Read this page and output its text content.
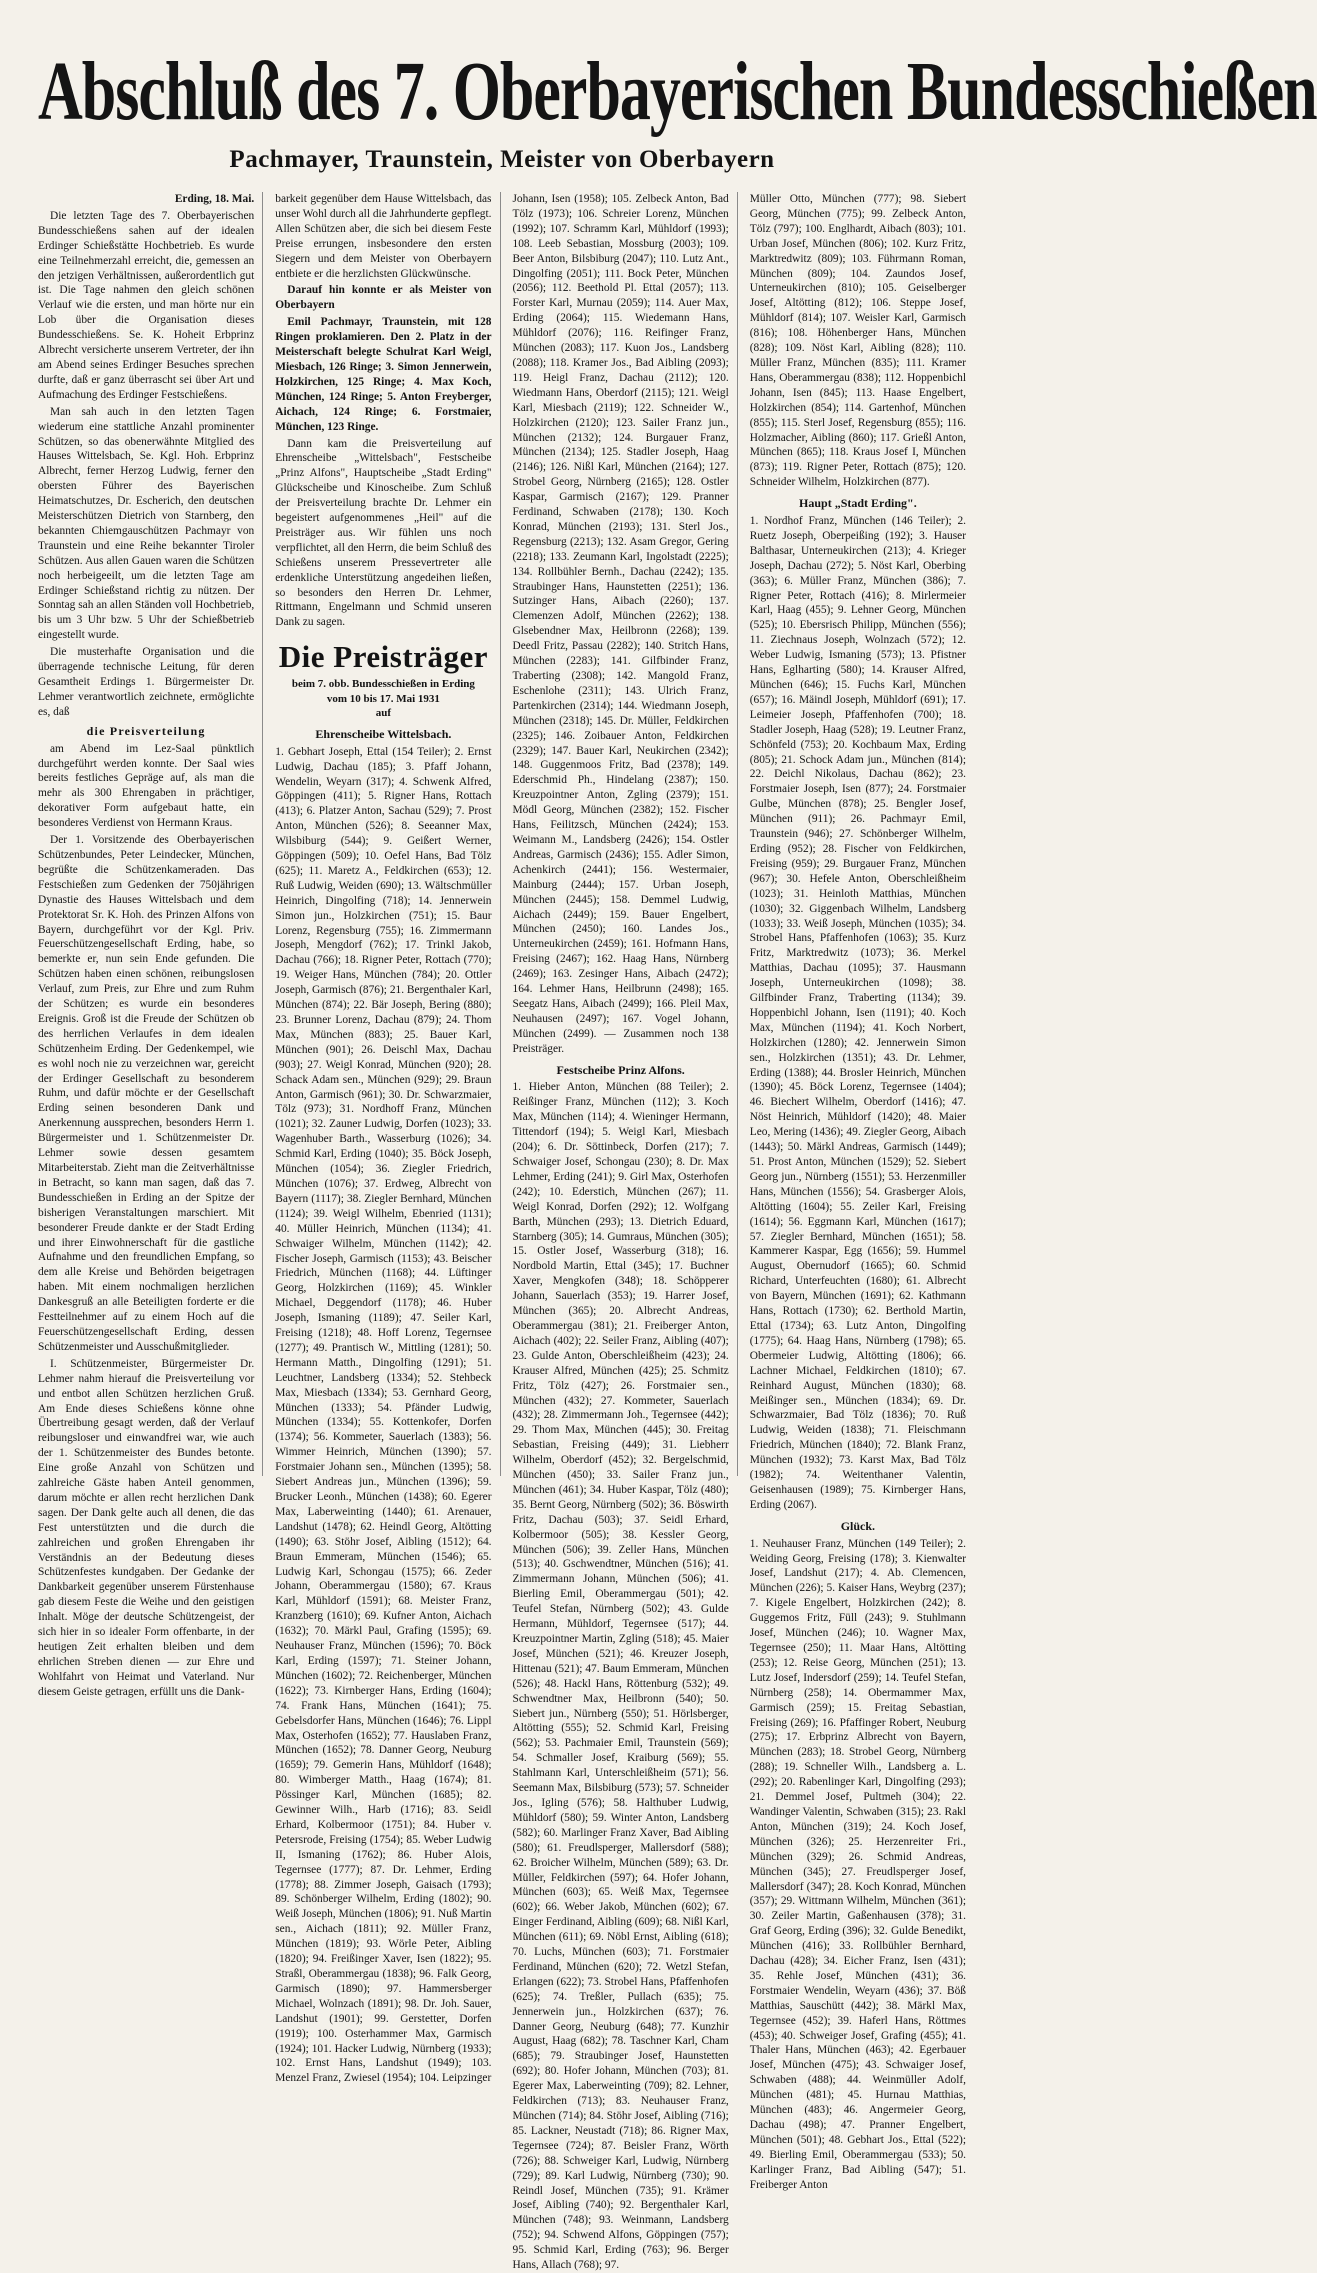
Abschluß des 7. Oberbayerischen Bundesschießen
Pachmayer, Traunstein, Meister von Oberbayern
Erding, 18. Mai.

Die letzten Tage des 7. Oberbayerischen Bundesschießens sahen auf der idealen Erdinger Schießstätte Hochbetrieb. Es wurde eine Teilnehmerzahl erreicht, die, gemessen an den jetzigen Verhältnissen, außerordentlich gut ist. Die Tage nahmen den gleich schönen Verlauf wie die ersten, und man hörte nur ein Lob über die Organisation dieses Bundesschießens. Se. K. Hoheit Erbprinz Albrecht versicherte unserem Vertreter, der ihn am Abend seines Erdinger Besuches sprechen durfte, daß er ganz überrascht sei über Art und Aufmachung des Erdinger Festschießens.

Man sah auch in den letzten Tagen wiederum eine stattliche Anzahl prominenter Schützen, so das obenerwähnte Mitglied des Hauses Wittelsbach, Se. Kgl. Hoh. Erbprinz Albrecht, ferner Herzog Ludwig, ferner den obersten Führer des Bayerischen Heimatschutzes, Dr. Escherich, den deutschen Meisterschützen Dietrich von Starnberg, den bekannten Chiemgauschützen Pachmayr von Traunstein und eine Reihe bekannter Tiroler Schützen. Aus allen Gauen waren die Schützen noch herbeigeeilt, um die letzten Tage am Erdinger Schießstand richtig zu nützen. Der Sonntag sah an allen Ständen voll Hochbetrieb, bis um 3 Uhr bzw. 5 Uhr der Schießbetrieb eingestellt wurde.

Die musterhafte Organisation und die überragende technische Leitung, für deren Gesamtheit Erdings 1. Bürgermeister Dr. Lehmer verantwortlich zeichnete, ermöglichte es, daß

die Preisverteilung

am Abend im Lez-Saal pünktlich durchgeführt werden konnte. Der Saal wies bereits festliches Gepräge auf, als man die mehr als 300 Ehrengaben in prächtiger, dekorativer Form aufgebaut hatte, ein besonderes Verdienst von Hermann Kraus.

Der 1. Vorsitzende des Oberbayerischen Schützenbundes, Peter Leindecker, München, begrüßte die Schützenkameraden. Das Festschießen zum Gedenken der 750jährigen Dynastie des Hauses Wittelsbach und dem Protektorat Sr. K. Hoh. des Prinzen Alfons von Bayern, durchgeführt vor der Kgl. Priv. Feuerschützengesellschaft Erding, habe, so bemerkte er, nun sein Ende gefunden. Die Schützen haben einen schönen, reibungslosen Verlauf, zum Preis, zur Ehre und zum Ruhm der Schützen; es wurde ein besonderes Ereignis. Groß ist die Freude der Schützen ob des herrlichen Verlaufes in dem idealen Schützenheim Erding. Der Gedenkempel, wie es wohl noch nie zu verzeichnen war, gereicht der Erdinger Gesellschaft zu besonderem Ruhm, und dafür möchte er der Gesellschaft Erding seinen besonderen Dank und Anerkennung aussprechen, besonders Herrn 1. Bürgermeister und 1. Schützenmeister Dr. Lehmer sowie dessen gesamtem Mitarbeiterstab. Zieht man die Zeitverhältnisse in Betracht, so kann man sagen, daß das 7. Bundesschießen in Erding an der Spitze der bisherigen Veranstaltungen marschiert. Mit besonderer Freude dankte er der Stadt Erding und ihrer Einwohnerschaft für die gastliche Aufnahme und den freundlichen Empfang, so dem alle Kreise und Behörden beigetragen haben. Mit einem nochmaligen herzlichen Dankesgruß an alle Beteiligten forderte er die Festteilnehmer auf zu einem Hoch auf die Feuerschützengesellschaft Erding, dessen Schützenmeister und Ausschußmitglieder.

I. Schützenmeister, Bürgermeister Dr. Lehmer nahm hierauf die Preisverteilung vor und entbot allen Schützen herzlichen Gruß. Am Ende dieses Schießens könne ohne Übertreibung gesagt werden, daß der Verlauf reibungsloser und einwandfrei war, wie auch der 1. Schützenmeister des Bundes betonte. Eine große Anzahl von Schützen und zahlreiche Gäste haben Anteil genommen, darum möchte er allen recht herzlichen Dank sagen. Der Dank gelte auch all denen, die das Fest unterstützten und die durch die zahlreichen und großen Ehrengaben ihr Verständnis an der Bedeutung dieses Schützenfestes kundgaben. Der Gedanke der Dankbarkeit gegenüber unserem Fürstenhause gab diesem Feste die Weihe und den geistigen Inhalt. Möge der deutsche Schützengeist, der sich hier in so idealer Form offenbarte, in der heutigen Zeit erhalten bleiben und dem ehrlichen Streben dienen — zur Ehre und Wohlfahrt von Heimat und Vaterland. Nur diesem Geiste getragen, erfüllt uns die Dank-

barkeit gegenüber dem Hause Wittelsbach, das unser Wohl durch all die Jahrhunderte gepflegt. Allen Schützen aber, die sich bei diesem Feste Preise errungen, insbesondere den ersten Siegern und dem Meister von Oberbayern entbiete er die herzlichsten Glückwünsche.

Darauf hin konnte er als Meister von Oberbayern

Emil Pachmayr, Traunstein, mit 128 Ringen proklamieren. Den 2. Platz in der Meisterschaft belegte Schulrat Karl Weigl, Miesbach, 126 Ringe; 3. Simon Jennerwein, Holzkirchen, 125 Ringe; 4. Max Koch, München, 124 Ringe; 5. Anton Freyberger, Aichach, 124 Ringe; 6. Forstmaier, München, 123 Ringe.

Dann kam die Preisverteilung auf Ehrenscheibe „Wittelsbach", Festscheibe „Prinz Alfons", Hauptscheibe „Stadt Erding" Glückscheibe und Kinoscheibe. Zum Schluß der Preisverteilung brachte Dr. Lehmer ein begeistert aufgenommenes „Heil" auf die Preisträger aus. Wir fühlen uns noch verpflichtet, all den Herrn, die beim Schluß des Schießens unserem Pressevertreter alle erdenkliche Unterstützung angedeihen ließen, so besonders den Herren Dr. Lehmer, Rittmann, Engelmann und Schmid unseren Dank zu sagen.

Die Preisträger
beim 7. obb. Bundesschießen in Erding
vom 10 bis 17. Mai 1931
auf
Ehrenscheibe Wittelsbach.

1. Gebhart Joseph, Ettal (154 Teiler); 2. Ernst Ludwig, Dachau (185); 3. Pfaff Johann, Wendelin, Weyarn (317); 4. Schwenk Alfred, Göppingen (411); 5. Rigner Hans, Rottach (413); 6. Platzer Anton, Sachau (529); 7. Prost Anton, München (526); 8. Seeanner Max, Wilsbiburg (544); 9. Geißert Werner, Göppingen (509); 10. Oefel Hans, Bad Tölz (625); 11. Maretz A., Feldkirchen (653); 12. Ruß Ludwig, Weiden (690); 13. Wältschmüller Heinrich, Dingolfing (718); 14. Jennerwein Simon jun., Holzkirchen (751); 15. Baur Lorenz, Regensburg (755); 16. Zimmermann Joseph, Mengdorf (762); 17. Trinkl Jakob, Dachau (766); 18. Rigner Peter, Rottach (770); 19. Weiger Hans, München (784); 20. Ottler Joseph, Garmisch (876); 21. Bergenthaler Karl, München (874); 22. Bär Joseph, Bering (880); 23. Brunner Lorenz, Dachau (879); 24. Thom Max, München (883); 25. Bauer Karl, München (901); 26. Deischl Max, Dachau (903); 27. Weigl Konrad, München (920); 28. Schack Adam sen., München (929); 29. Braun Anton, Garmisch (961); 30. Dr. Schwarzmaier, Tölz (973); 31. Nordhoff Franz, München (1021); 32. Zauner Ludwig, Dorfen (1023); 33. Wagenhuber Barth., Wasserburg (1026); 34. Schmid Karl, Erding (1040); 35. Böck Joseph, München (1054); 36. Ziegler Friedrich, München (1076); 37. Erdweg, Albrecht von Bayern (1117); 38. Ziegler Bernhard, München (1124); 39. Weigl Wilhelm, Ebenried (1131); 40. Müller Heinrich, München (1134); 41. Schwaiger Wilhelm, München (1142); 42. Fischer Joseph, Garmisch (1153); 43. Beischer Friedrich, München (1168); 44. Lüftinger Georg, Holzkirchen (1169); 45. Winkler Michael, Deggendorf (1178); 46. Huber Joseph, Ismaning (1189); 47. Seiler Karl, Freising (1218); 48. Hoff Lorenz, Tegernsee (1277); 49. Prantisch W., Mittling (1281); 50. Hermann Matth., Dingolfing (1291); 51. Leuchtner, Landsberg (1334); 52. Stehbeck Max, Miesbach (1334); 53. Gernhard Georg, München (1333); 54. Pfänder Ludwig, München (1334); 55. Kottenkofer, Dorfen (1374); 56. Kommeter, Sauerlach (1383); 56. Wimmer Heinrich, München (1390); 57. Forstmaier Johann sen., München (1395); 58. Siebert Andreas jun., München (1396); 59. Brucker Leonh., München (1438); 60. Egerer Max, Laberweinting (1440); 61. Arenauer, Landshut (1478); 62. Heindl Georg, Altötting (1490); 63. Stöhr Josef, Aibling (1512); 64. Braun Emmeram, München (1546); 65. Ludwig Karl, Schongau (1575); 66. Zeder Johann, Oberammergau (1580); 67. Kraus Karl, Mühldorf (1591); 68. Meister Franz, Kranzberg (1610); 69. Kufner Anton, Aichach (1632); 70. Märkl Paul, Grafing (1595); 69. Neuhauser Franz, München (1596); 70. Böck Karl, Erding (1597); 71. Steiner Johann, München (1602); 72. Reichenberger, München (1622); 73. Kirnberger Hans, Erding (1604); 74. Frank Hans, München (1641); 75. Gebelsdorfer Hans, München (1646); 76. Lippl Max, Osterhofen (1652); 77. Hauslaben Franz, München (1652); 78. Danner Georg, Neuburg (1659); 79. Gemerin Hans, Mühldorf (1648); 80. Wimberger Matth., Haag (1674); 81. Pössinger Karl, München (1685); 82. Gewinner Wilh., Harb (1716); 83. Seidl Erhard, Kolbermoor (1751); 84. Huber v. Petersrode, Freising (1754); 85. Weber Ludwig II, Ismaning (1762); 86. Huber Alois, Tegernsee (1777); 87. Dr. Lehmer, Erding (1778); 88. Zimmer Joseph, Gaisach (1793); 89. Schönberger Wilhelm, Erding (1802); 90. Weiß Joseph, München (1806); 91. Nuß Martin sen., Aichach (1811); 92. Müller Franz, München (1819); 93. Wörle Peter, Aibling (1820); 94. Freißinger Xaver, Isen (1822); 95. Straßl, Oberammergau (1838); 96. Falk Georg, Garmisch (1890); 97. Hammersberger Michael, Wolnzach (1891); 98. Dr. Joh. Sauer, Landshut (1901); 99. Gerstetter, Dorfen (1919); 100. Osterhammer Max, Garmisch (1924); 101. Hacker Ludwig, Nürnberg (1933); 102. Ernst Hans, Landshut (1949); 103. Menzel Franz, Zwiesel (1954); 104. Leipzinger

Johann, Isen (1958); 105. Zelbeck Anton, Bad Tölz (1973); 106. Schreier Lorenz, München (1992); 107. Schramm Karl, Mühldorf (1993); 108. Leeb Sebastian, Mossburg (2003); 109. Beer Anton, Bilsbiburg (2047); 110. Lutz Ant., Dingolfing (2051); 111. Bock Peter, München (2056); 112. Beethold Pl. Ettal (2057); 113. Forster Karl, Murnau (2059); 114. Auer Max, Erding (2064); 115. Wiedemann Hans, Mühldorf (2076); 116. Reifinger Franz, München (2083); 117. Kuon Jos., Landsberg (2088); 118. Kramer Jos., Bad Aibling (2093); 119. Heigl Franz, Dachau (2112); 120. Wiedmann Hans, Oberdorf (2115); 121. Weigl Karl, Miesbach (2119); 122. Schneider W., Holzkirchen (2120); 123. Sailer Franz jun., München (2132); 124. Burgauer Franz, München (2134); 125. Stadler Joseph, Haag (2146); 126. Nißl Karl, München (2164); 127. Strobel Georg, Nürnberg (2165); 128. Ostler Kaspar, Garmisch (2167); 129. Pranner Ferdinand, Schwaben (2178); 130. Koch Konrad, München (2193); 131. Sterl Jos., Regensburg (2213); 132. Asam Gregor, Gering (2218); 133. Zeumann Karl, Ingolstadt (2225); 134. Rollbühler Bernh., Dachau (2242); 135. Straubinger Hans, Haunstetten (2251); 136. Sutzinger Hans, Aibach (2260); 137. Clemenzen Adolf, München (2262); 138. Glsebendner Max, Heilbronn (2268); 139. Deedl Fritz, Passau (2282); 140. Stritch Hans, München (2283); 141. Gilfbinder Franz, Traberting (2308); 142. Mangold Franz, Eschenlohe (2311); 143. Ulrich Franz, Partenkirchen (2314); 144. Wiedmann Joseph, München (2318); 145. Dr. Müller, Feldkirchen (2325); 146. Zoibauer Anton, Feldkirchen (2329); 147. Bauer Karl, Neukirchen (2342); 148. Guggenmoos Fritz, Bad (2378); 149. Ederschmid Ph., Hindelang (2387); 150. Kreuzpointner Anton, Zgling (2379); 151. Mödl Georg, München (2382); 152. Fischer Hans, Feilitzsch, München (2424); 153. Weimann M., Landsberg (2426); 154. Ostler Andreas, Garmisch (2436); 155. Adler Simon, Achenkirch (2441); 156. Westermaier, Mainburg (2444); 157. Urban Joseph, München (2445); 158. Demmel Ludwig, Aichach (2449); 159. Bauer Engelbert, München (2450); 160. Landes Jos., Unterneukirchen (2459); 161. Hofmann Hans, Freising (2467); 162. Haag Hans, Nürnberg (2469); 163. Zesinger Hans, Aibach (2472); 164. Lehmer Hans, Heilbrunn (2498); 165. Seegatz Hans, Aibach (2499); 166. Pleil Max, Neuhausen (2497); 167. Vogel Johann, München (2499). — Zusammen noch 138 Preisträger.

Festscheibe Prinz Alfons.

1. Hieber Anton, München (88 Teiler); 2. Reißinger Franz, München (112); 3. Koch Max, München (114); 4. Wieninger Hermann, Tittendorf (194); 5. Weigl Karl, Miesbach (204); 6. Dr. Söttinbeck, Dorfen (217); 7. Schwaiger Josef, Schongau (230); 8. Dr. Max Lehmer, Erding (241); 9. Girl Max, Osterhofen (242); 10. Ederstich, München (267); 11. Weigl Konrad, Dorfen (292); 12. Wolfgang Barth, München (293); 13. Dietrich Eduard, Starnberg (305); 14. Gumraus, München (305); 15. Ostler Josef, Wasserburg (318); 16. Nordbold Martin, Ettal (345); 17. Buchner Xaver, Mengkofen (348); 18. Schöpperer Johann, Sauerlach (353); 19. Harrer Josef, München (365); 20. Albrecht Andreas, Oberammergau (381); 21. Freiberger Anton, Aichach (402); 22. Seiler Franz, Aibling (407); 23. Gulde Anton, Oberschleißheim (423); 24. Krauser Alfred, München (425); 25. Schmitz Fritz, Tölz (427); 26. Forstmaier sen., München (432); 27. Kommeter, Sauerlach (432); 28. Zimmermann Joh., Tegernsee (442); 29. Thom Max, München (445); 30. Freitag Sebastian, Freising (449); 31. Liebherr Wilhelm, Oberdorf (452); 32. Bergelschmid, München (450); 33. Sailer Franz jun., München (461); 34. Huber Kaspar, Tölz (480); 35. Bernt Georg, Nürnberg (502); 36. Böswirth Fritz, Dachau (503); 37. Seidl Erhard, Kolbermoor (505); 38. Kessler Georg, München (506); 39. Zeller Hans, München (513); 40. Gschwendtner, München (516); 41. Zimmermann Johann, München (506); 41. Bierling Emil, Oberammergau (501); 42. Teufel Stefan, Nürnberg (502); 43. Gulde Hermann, Mühldorf, Tegernsee (517); 44. Kreuzpointner Martin, Zgling (518); 45. Maier Josef, München (521); 46. Kreuzer Joseph, Hittenau (521); 47. Baum Emmeram, München (526); 48. Hackl Hans, Röttenburg (532); 49. Schwendtner Max, Heilbronn (540); 50. Siebert jun., Nürnberg (550); 51. Hörlsberger, Altötting (555); 52. Schmid Karl, Freising (562); 53. Pachmaier Emil, Traunstein (569); 54. Schmaller Josef, Kraiburg (569); 55. Stahlmann Karl, Unterschleißheim (571); 56. Seemann Max, Bilsbiburg (573); 57. Schneider Jos., Igling (576); 58. Halthuber Ludwig, Mühldorf (580); 59. Winter Anton, Landsberg (582); 60. Marlinger Franz Xaver, Bad Aibling (580); 61. Freudlsperger, Mallersdorf (588); 62. Broicher Wilhelm, München (589); 63. Dr. Müller, Feldkirchen (597); 64. Hofer Johann, München (603); 65. Weiß Max, Tegernsee (602); 66. Weber Jakob, München (602); 67. Einger Ferdinand, Aibling (609); 68. Nißl Karl, München (611); 69. Nöbl Ernst, Aibling (618); 70. Luchs, München (603); 71. Forstmaier Ferdinand, München (620); 72. Wetzl Stefan, Erlangen (622); 73. Strobel Hans, Pfaffenhofen (625); 74. Treßler, Pullach (635); 75. Jennerwein jun., Holzkirchen (637); 76. Danner Georg, Neuburg (648); 77. Kunzhir August, Haag (682); 78. Taschner Karl, Cham (685); 79. Straubinger Josef, Haunstetten (692); 80. Hofer Johann, München (703); 81. Egerer Max, Laberweinting (709); 82. Lehner, Feldkirchen (713); 83. Neuhauser Franz, München (714); 84. Stöhr Josef, Aibling (716); 85. Lackner, Neustadt (718); 86. Rigner Max, Tegernsee (724); 87. Beisler Franz, Wörth (726); 88. Schweiger Karl, Ludwig, Nürnberg (729); 89. Karl Ludwig, Nürnberg (730); 90. Reindl Josef, München (735); 91. Krämer Josef, Aibling (740); 92. Bergenthaler Karl, München (748); 93. Weinmann, Landsberg (752); 94. Schwend Alfons, Göppingen (757); 95. Schmid Karl, Erding (763); 96. Berger Hans, Allach (768); 97.

Müller Otto, München (777); 98. Siebert Georg, München (775); 99. Zelbeck Anton, Tölz (797); 100. Englhardt, Aibach (803); 101. Urban Josef, München (806); 102. Kurz Fritz, Marktredwitz (809); 103. Führmann Roman, München (809); 104. Zaundos Josef, Unterneukirchen (810); 105. Geiselberger Josef, Altötting (812); 106. Steppe Josef, Mühldorf (814); 107. Weisler Karl, Garmisch (816); 108. Höhenberger Hans, München (828); 109. Nöst Karl, Aibling (828); 110. Müller Franz, München (835); 111. Kramer Hans, Oberammergau (838); 112. Hoppenbichl Johann, Isen (845); 113. Haase Engelbert, Holzkirchen (854); 114. Gartenhof, München (855); 115. Sterl Josef, Regensburg (855); 116. Holzmacher, Aibling (860); 117. Grießl Anton, München (865); 118. Kraus Josef I, München (873); 119. Rigner Peter, Rottach (875); 120. Schneider Wilhelm, Holzkirchen (877).

Haupt „Stadt Erding".

1. Nordhof Franz, München (146 Teiler); 2. Ruetz Joseph, Oberpeißing (192); 3. Hauser Balthasar, Unterneukirchen (213); 4. Krieger Joseph, Dachau (272); 5. Nöst Karl, Oberbing (363); 6. Müller Franz, München (386); 7. Rigner Peter, Rottach (416); 8. Mirlermeier Karl, Haag (455); 9. Lehner Georg, München (525); 10. Ebersrisch Philipp, München (556); 11. Ziechnaus Joseph, Wolnzach (572); 12. Weber Ludwig, Ismaning (573); 13. Pfistner Hans, Eglharting (580); 14. Krauser Alfred, München (646); 15. Fuchs Karl, München (657); 16. Mäindl Joseph, Mühldorf (691); 17. Leimeier Joseph, Pfaffenhofen (700); 18. Stadler Joseph, Haag (528); 19. Leutner Franz, Schönfeld (753); 20. Kochbaum Max, Erding (805); 21. Schock Adam jun., München (814); 22. Deichl Nikolaus, Dachau (862); 23. Forstmaier Joseph, Isen (877); 24. Forstmaier Gulbe, München (878); 25. Bengler Josef, München (911); 26. Pachmayr Emil, Traunstein (946); 27. Schönberger Wilhelm, Erding (952); 28. Fischer von Feldkirchen, Freising (959); 29. Burgauer Franz, München (967); 30. Hefele Anton, Oberschleißheim (1023); 31. Heinloth Matthias, München (1030); 32. Giggenbach Wilhelm, Landsberg (1033); 33. Weiß Joseph, München (1035); 34. Strobel Hans, Pfaffenhofen (1063); 35. Kurz Fritz, Marktredwitz (1073); 36. Merkel Matthias, Dachau (1095); 37. Hausmann Joseph, Unterneukirchen (1098); 38. Gilfbinder Franz, Traberting (1134); 39. Hoppenbichl Johann, Isen (1191); 40. Koch Max, München (1194); 41. Koch Norbert, Holzkirchen (1280); 42. Jennerwein Simon sen., Holzkirchen (1351); 43. Dr. Lehmer, Erding (1388); 44. Brosler Heinrich, München (1390); 45. Böck Lorenz, Tegernsee (1404); 46. Biechert Wilhelm, Oberdorf (1416); 47. Nöst Heinrich, Mühldorf (1420); 48. Maier Leo, Mering (1436); 49. Ziegler Georg, Aibach (1443); 50. Märkl Andreas, Garmisch (1449); 51. Prost Anton, München (1529); 52. Siebert Georg jun., Nürnberg (1551); 53. Herzenmiller Hans, München (1556); 54. Grasberger Alois, Altötting (1604); 55. Zeiler Karl, Freising (1614); 56. Eggmann Karl, München (1617); 57. Ziegler Bernhard, München (1651); 58. Kammerer Kaspar, Egg (1656); 59. Hummel August, Obernudorf (1665); 60. Schmid Richard, Unterfeuchten (1680); 61. Albrecht von Bayern, München (1691); 62. Kathmann Hans, Rottach (1730); 62. Berthold Martin, Ettal (1734); 63. Lutz Anton, Dingolfing (1775); 64. Haag Hans, Nürnberg (1798); 65. Obermeier Ludwig, Altötting (1806); 66. Lachner Michael, Feldkirchen (1810); 67. Reinhard August, München (1830); 68. Meißinger sen., München (1834); 69. Dr. Schwarzmaier, Bad Tölz (1836); 70. Ruß Ludwig, Weiden (1838); 71. Fleischmann Friedrich, München (1840); 72. Blank Franz, München (1932); 73. Karst Max, Bad Tölz (1982); 74. Weitenthaner Valentin, Geisenhausen (1989); 75. Kirnberger Hans, Erding (2067).

Glück.

1. Neuhauser Franz, München (149 Teiler); 2. Weiding Georg, Freising (178); 3. Kienwalter Josef, Landshut (217); 4. Ab. Clemencen, München (226); 5. Kaiser Hans, Weybrg (237); 7. Kigele Engelbert, Holzkirchen (242); 8. Guggemos Fritz, Füll (243); 9. Stuhlmann Josef, München (246); 10. Wagner Max, Tegernsee (250); 11. Maar Hans, Altötting (253); 12. Reise Georg, München (251); 13. Lutz Josef, Indersdorf (259); 14. Teufel Stefan, Nürnberg (258); 14. Obermammer Max, Garmisch (259); 15. Freitag Sebastian, Freising (269); 16. Pfaffinger Robert, Neuburg (275); 17. Erbprinz Albrecht von Bayern, München (283); 18. Strobel Georg, Nürnberg (288); 19. Schneller Wilh., Landsberg a. L. (292); 20. Rabenlinger Karl, Dingolfing (293); 21. Demmel Josef, Pultmeh (304); 22. Wandinger Valentin, Schwaben (315); 23. Rakl Anton, München (319); 24. Koch Josef, München (326); 25. Herzenreiter Fri., München (329); 26. Schmid Andreas, München (345); 27. Freudlsperger Josef, Mallersdorf (347); 28. Koch Konrad, München (357); 29. Wittmann Wilhelm, München (361); 30. Zeiler Martin, Gaßenhausen (378); 31. Graf Georg, Erding (396); 32. Gulde Benedikt, München (416); 33. Rollbühler Bernhard, Dachau (428); 34. Eicher Franz, Isen (431); 35. Rehle Josef, München (431); 36. Forstmaier Wendelin, Weyarn (436); 37. Böß Matthias, Sauschütt (442); 38. Märkl Max, Tegernsee (452); 39. Haferl Hans, Röttmes (453); 40. Schweiger Josef, Grafing (455); 41. Thaler Hans, München (463); 42. Egerbauer Josef, München (475); 43. Schwaiger Josef, Schwaben (488); 44. Weinmüller Adolf, München (481); 45. Hurnau Matthias, München (483); 46. Angermeier Georg, Dachau (498); 47. Pranner Engelbert, München (501); 48. Gebhart Jos., Ettal (522); 49. Bierling Emil, Oberammergau (533); 50. Karlinger Franz, Bad Aibling (547); 51. Freiberger Anton
